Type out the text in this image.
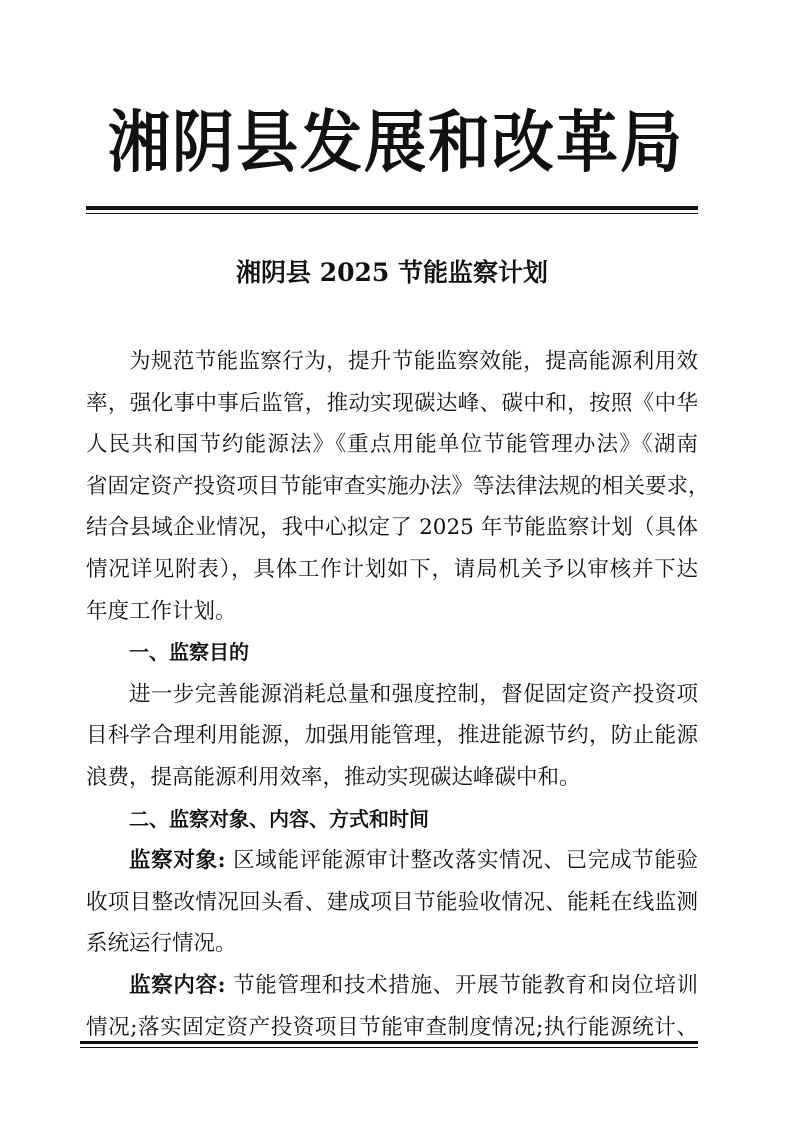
湘阴县发展和改革局
湘阴县 2025 节能监察计划
为规范节能监察行为，提升节能监察效能，提高能源利用效
率，强化事中事后监管，推动实现碳达峰、碳中和，按照《中华
人民共和国节约能源法》《重点用能单位节能管理办法》《湖南
省固定资产投资项目节能审查实施办法》等法律法规的相关要求，
结合县域企业情况，我中心拟定了 2025 年节能监察计划（具体
情况详见附表），具体工作计划如下，请局机关予以审核并下达
年度工作计划。
一、监察目的
进一步完善能源消耗总量和强度控制，督促固定资产投资项
目科学合理利用能源，加强用能管理，推进能源节约，防止能源
浪费，提高能源利用效率，推动实现碳达峰碳中和。
二、监察对象、内容、方式和时间
监察对象: 区域能评能源审计整改落实情况、已完成节能验
收项目整改情况回头看、建成项目节能验收情况、能耗在线监测
系统运行情况。
监察内容: 节能管理和技术措施、开展节能教育和岗位培训
情况;落实固定资产投资项目节能审查制度情况;执行能源统计、
